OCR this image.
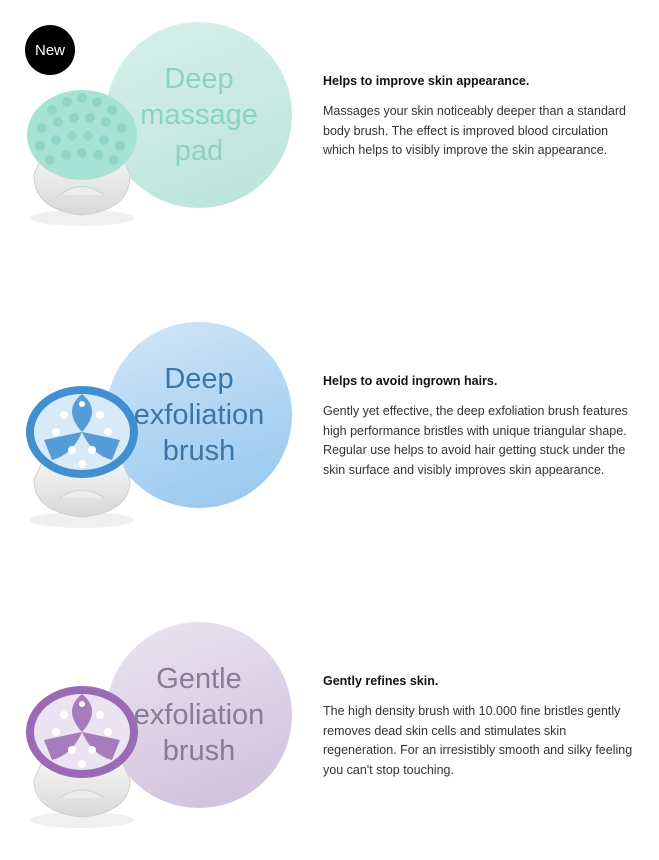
New
Deep
massage
pad

Helps to improve skin appearance.

Massages your skin noticeably deeper than a standard body brush. The effect is improved blood circulation which helps to visibly improve the skin appearance.

Deep
exfoliation
brush

Helps to avoid ingrown hairs.

Gently yet effective, the deep exfoliation brush features high performance bristles with unique triangular shape. Regular use helps to avoid hair getting stuck under the skin surface and visibly improves skin appearance.

Gentle
exfoliation
brush

Gently refines skin.

The high density brush with 10.000 fine bristles gently removes dead skin cells and stimulates skin regeneration. For an irresistibly smooth and silky feeling you can't stop touching.
